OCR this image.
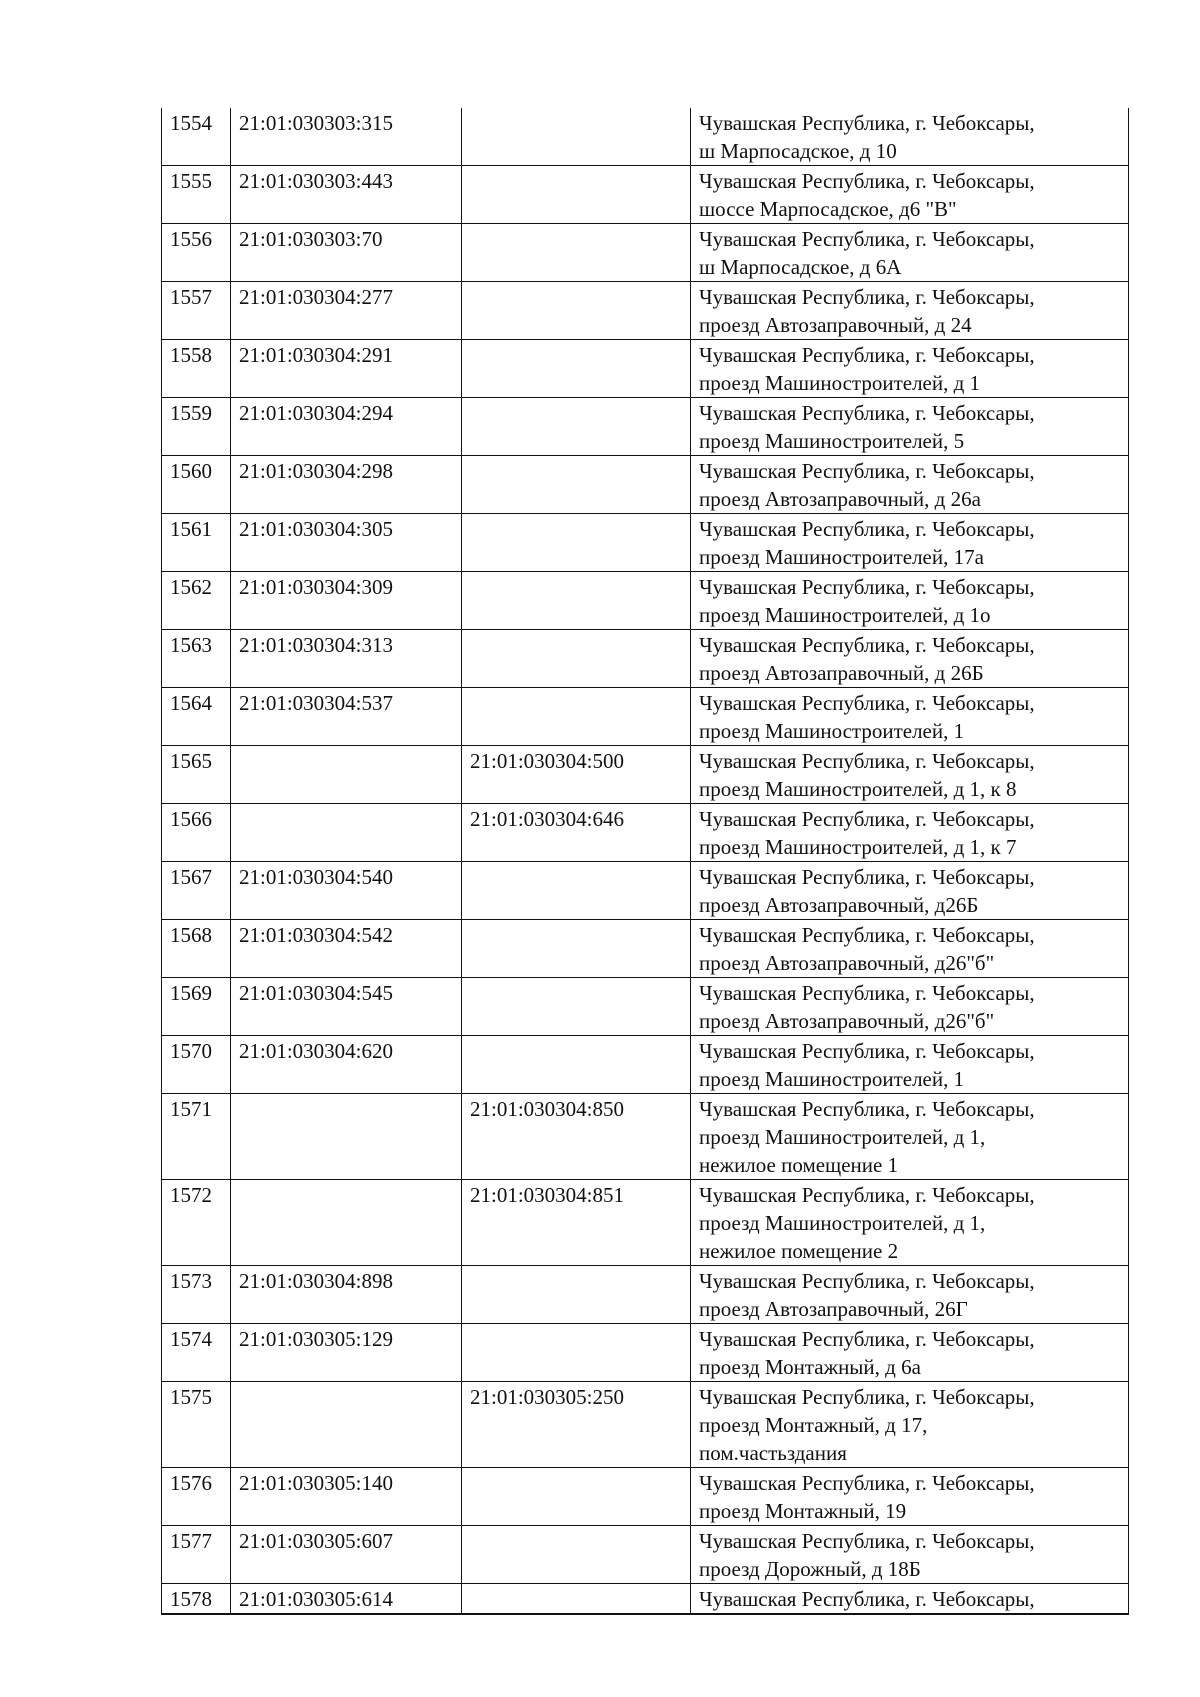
1554	21:01:030303:315		Чувашская Республика, г. Чебоксары,
ш Марпосадское, д 10

1555	21:01:030303:443		Чувашская Республика, г. Чебоксары,
шоссе Марпосадское, д6 "В"

1556	21:01:030303:70		Чувашская Республика, г. Чебоксары,
ш Марпосадское, д 6А

1557	21:01:030304:277		Чувашская Республика, г. Чебоксары,
проезд Автозаправочный, д 24

1558	21:01:030304:291		Чувашская Республика, г. Чебоксары,
проезд Машиностроителей, д 1

1559	21:01:030304:294		Чувашская Республика, г. Чебоксары,
проезд Машиностроителей, 5

1560	21:01:030304:298		Чувашская Республика, г. Чебоксары,
проезд Автозаправочный, д 26а

1561	21:01:030304:305		Чувашская Республика, г. Чебоксары,
проезд Машиностроителей, 17а

1562	21:01:030304:309		Чувашская Республика, г. Чебоксары,
проезд Машиностроителей, д 1о

1563	21:01:030304:313		Чувашская Республика, г. Чебоксары,
проезд Автозаправочный, д 26Б

1564	21:01:030304:537		Чувашская Республика, г. Чебоксары,
проезд Машиностроителей, 1

1565		21:01:030304:500	Чувашская Республика, г. Чебоксары,
проезд Машиностроителей, д 1, к 8

1566		21:01:030304:646	Чувашская Республика, г. Чебоксары,
проезд Машиностроителей, д 1, к 7

1567	21:01:030304:540		Чувашская Республика, г. Чебоксары,
проезд Автозаправочный, д26Б

1568	21:01:030304:542		Чувашская Республика, г. Чебоксары,
проезд Автозаправочный, д26"б"

1569	21:01:030304:545		Чувашская Республика, г. Чебоксары,
проезд Автозаправочный, д26"б"

1570	21:01:030304:620		Чувашская Республика, г. Чебоксары,
проезд Машиностроителей, 1

1571		21:01:030304:850	Чувашская Республика, г. Чебоксары,
проезд Машиностроителей, д 1,
нежилое помещение 1

1572		21:01:030304:851	Чувашская Республика, г. Чебоксары,
проезд Машиностроителей, д 1,
нежилое помещение 2

1573	21:01:030304:898		Чувашская Республика, г. Чебоксары,
проезд Автозаправочный, 26Г

1574	21:01:030305:129		Чувашская Республика, г. Чебоксары,
проезд Монтажный, д 6а

1575		21:01:030305:250	Чувашская Республика, г. Чебоксары,
проезд Монтажный, д 17,
пом.частьздания

1576	21:01:030305:140		Чувашская Республика, г. Чебоксары,
проезд Монтажный, 19

1577	21:01:030305:607		Чувашская Республика, г. Чебоксары,
проезд Дорожный, д 18Б

1578	21:01:030305:614		Чувашская Республика, г. Чебоксары,
